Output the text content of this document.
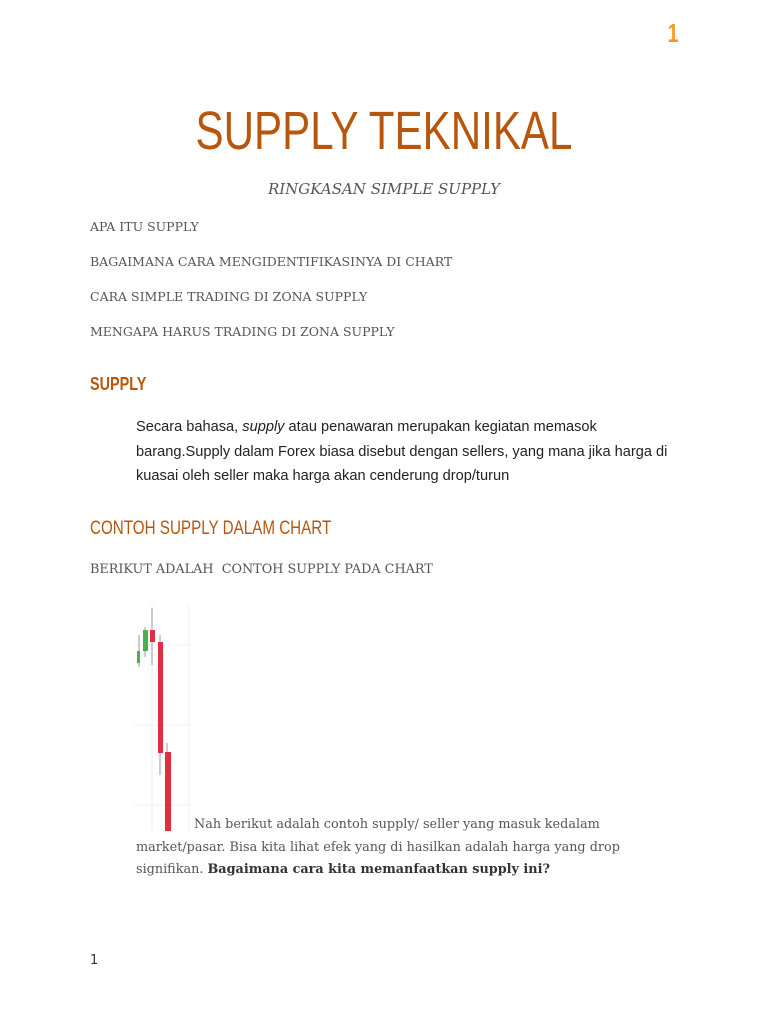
1
SUPPLY TEKNIKAL
RINGKASAN SIMPLE SUPPLY
APA ITU SUPPLY
BAGAIMANA CARA MENGIDENTIFIKASINYA DI CHART
CARA SIMPLE TRADING DI ZONA SUPPLY
MENGAPA HARUS TRADING DI ZONA SUPPLY
SUPPLY
Secara bahasa, supply atau penawaran merupakan kegiatan memasok barang.Supply dalam Forex biasa disebut dengan sellers, yang mana jika harga di kuasai oleh seller maka harga akan cenderung drop/turun
CONTOH SUPPLY DALAM CHART
BERIKUT ADALAH  CONTOH SUPPLY PADA CHART
Nah berikut adalah contoh supply/ seller yang masuk kedalam market/pasar. Bisa kita lihat efek yang di hasilkan adalah harga yang drop signifikan. Bagaimana cara kita memanfaatkan supply ini?
1
